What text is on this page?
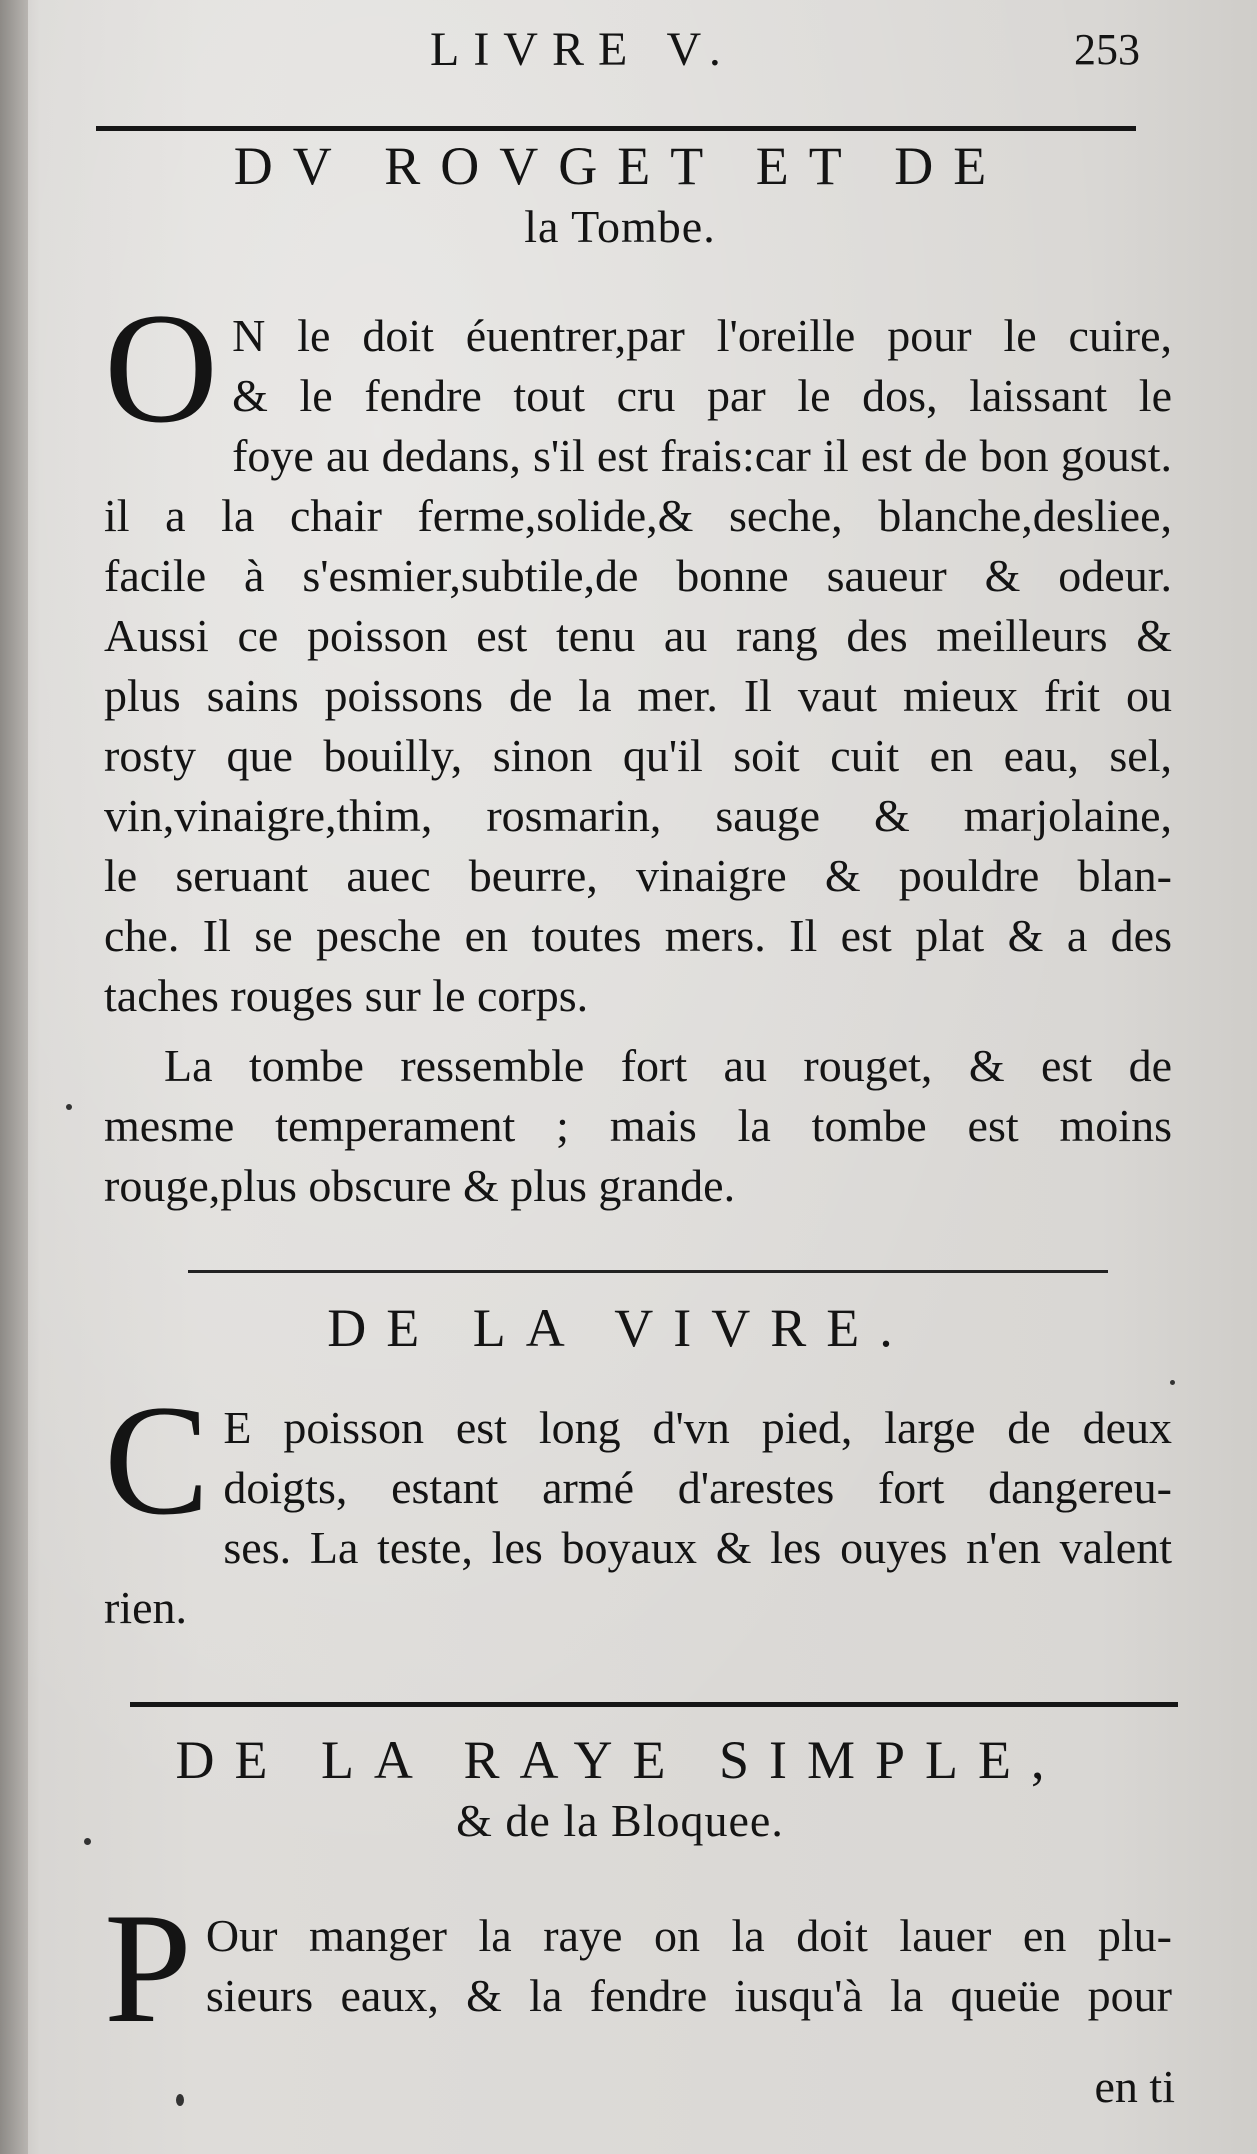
LIVRE V.	253
DV ROVGET ET DE
la Tombe.
O N le doit éuentrer,par l'oreille pour le cuire,
& le fendre tout cru par le dos, laissant le
foye au dedans, s'il est frais:car il est de bon goust.
il a la chair ferme,solide,& seche, blanche,desliee,
facile à s'esmier,subtile,de bonne saueur & odeur.
Aussi ce poisson est tenu au rang des meilleurs &
plus sains poissons de la mer. Il vaut mieux frit ou
rosty que bouilly, sinon qu'il soit cuit en eau, sel,
vin,vinaigre,thim, rosmarin, sauge & marjolaine,
le seruant auec beurre, vinaigre & pouldre blan-
che. Il se pesche en toutes mers. Il est plat & a des
taches rouges sur le corps.
La tombe ressemble fort au rouget, & est de
mesme temperament ; mais la tombe est moins
rouge,plus obscure & plus grande.
DE LA VIVRE.
C E poisson est long d'vn pied, large de deux
doigts, estant armé d'arestes fort dangereu-
ses. La teste, les boyaux & les ouyes n'en valent
rien.
DE LA RAYE SIMPLE,
& de la Bloquee.
P Our manger la raye on la doit lauer en plu-
sieurs eaux, & la fendre iusqu'à la queüe pour
en ti
